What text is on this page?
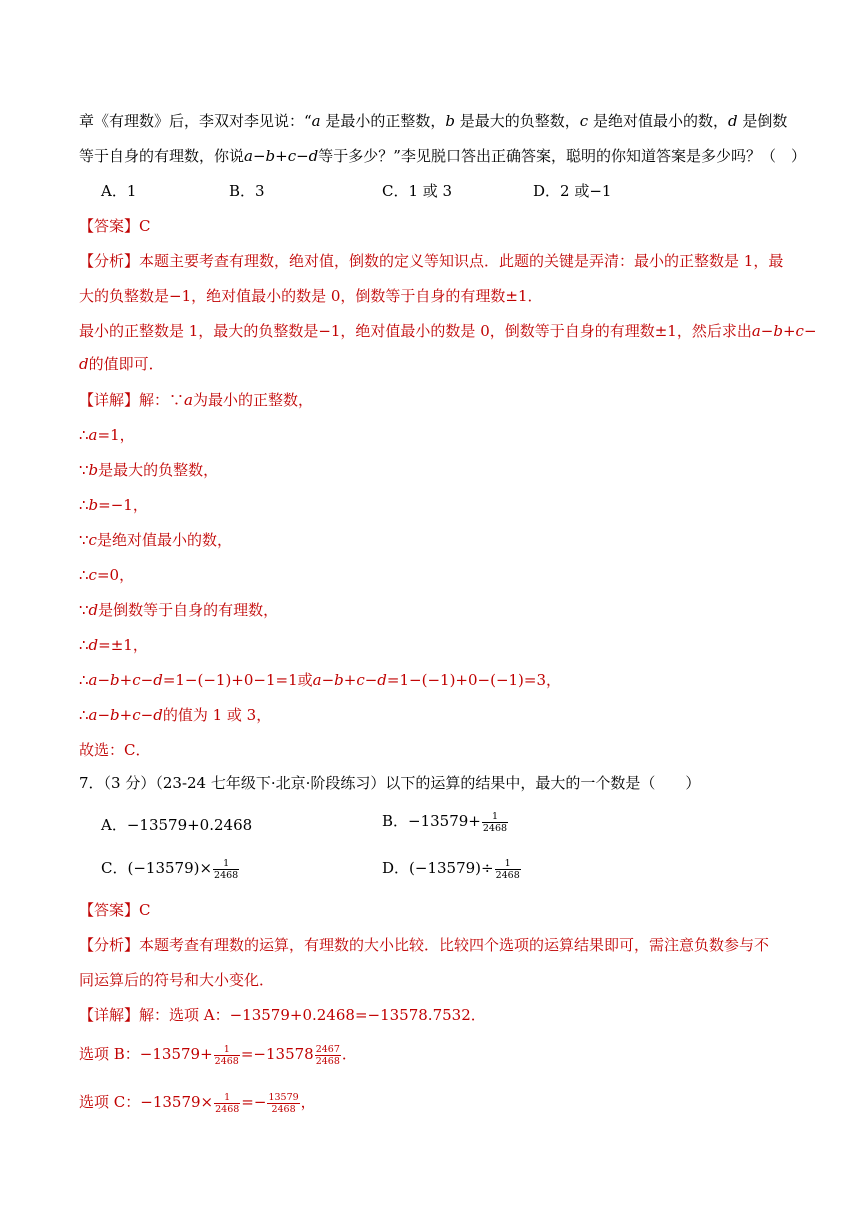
章《有理数》后，李双对李见说：“a 是最小的正整数，b 是最大的负整数，c 是绝对值最小的数，d 是倒数
等于自身的有理数，你说a−b+c−d等于多少？”李见脱口答出正确答案，聪明的你知道答案是多少吗？（　）
A．1	B．3	C．1 或 3	D．2 或−1
【答案】C
【分析】本题主要考查有理数，绝对值，倒数的定义等知识点．此题的关键是弄清：最小的正整数是 1，最
大的负整数是−1，绝对值最小的数是 0，倒数等于自身的有理数±1．
最小的正整数是 1，最大的负整数是−1，绝对值最小的数是 0，倒数等于自身的有理数±1，然后求出a−b+c−
d的值即可．
【详解】解：∵a为最小的正整数，
∴a=1，
∵b是最大的负整数，
∴b=−1，
∵c是绝对值最小的数，
∴c=0，
∵d是倒数等于自身的有理数，
∴d=±1，
∴a−b+c−d=1−(−1)+0−1=1或a−b+c−d=1−(−1)+0−(−1)=3，
∴a−b+c−d的值为 1 或 3，
故选：C．
7．（3 分）（23-24 七年级下·北京·阶段练习）以下的运算的结果中，最大的一个数是（　　）
A．−13579+0.2468	B．$-13579+ \frac{1}{2468}$
C．$(-13579)\times \frac{1}{2468}$	D．$(-13579)\div \frac{1}{2468}$
【答案】C
【分析】本题考查有理数的运算，有理数的大小比较．比较四个选项的运算结果即可，需注意负数参与不
同运算后的符号和大小变化．
【详解】解：选项 A：−13579+0.2468=−13578.7532．
选项 B：$-13579+ \frac{1}{2468} =-13578 \frac{2467}{2468}$ ．
选项 C：$-13579\times \frac{1}{2468} =- \frac{13579}{2468}$ ，
